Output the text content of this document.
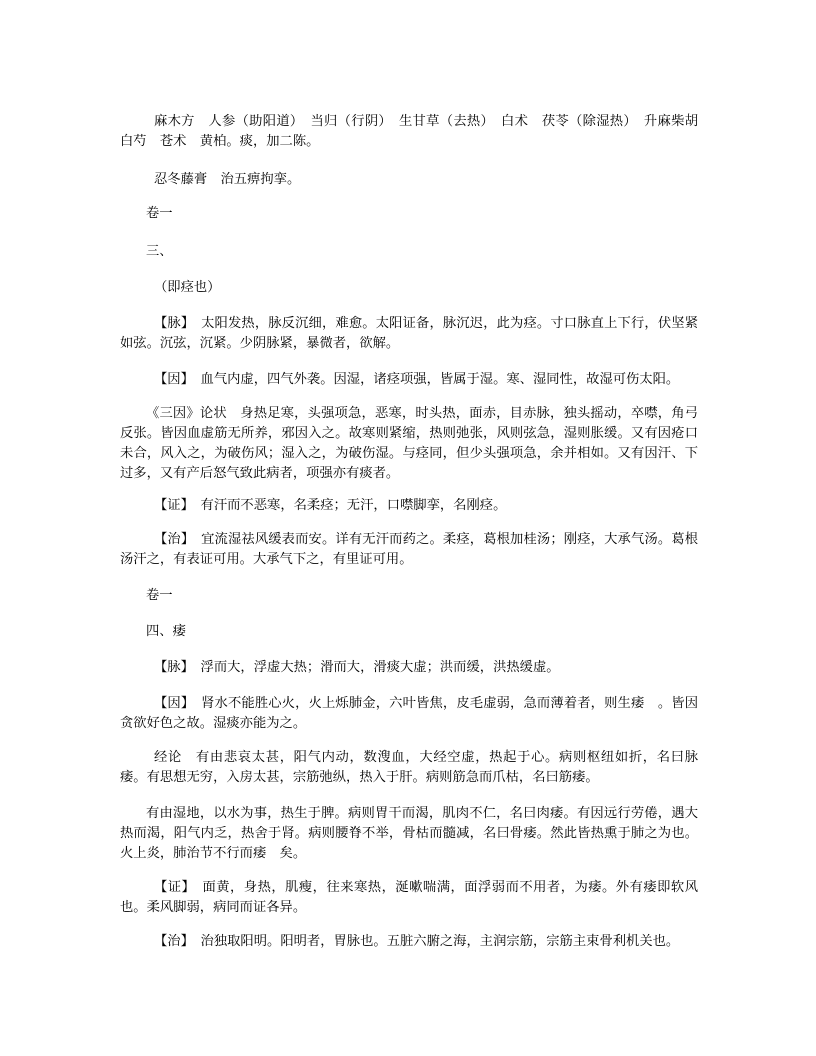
麻木方　人参（助阳道）　当归（行阴）　生甘草（去热）　白术　茯苓（除湿热）　升麻柴胡　白芍　苍术　黄柏。痰，加二陈。

忍冬藤膏　治五痹拘挛。

卷一

三、

（即痉也）

【脉】　太阳发热，脉反沉细，难愈。太阳证备，脉沉迟，此为痉。寸口脉直上下行，伏坚紧如弦。沉弦，沉紧。少阴脉紧，暴微者，欲解。

【因】　血气内虚，四气外袭。因湿，诸痉项强，皆属于湿。寒、湿同性，故湿可伤太阳。

《三因》论状　身热足寒，头强项急，恶寒，时头热，面赤，目赤脉，独头摇动，卒噤，角弓反张。皆因血虚筋无所养，邪因入之。故寒则紧缩，热则弛张，风则弦急，湿则胀缓。又有因疮口未合，风入之，为破伤风；湿入之，为破伤湿。与痉同，但少头强项急，余并相如。又有因汗、下过多，又有产后怒气致此病者，项强亦有痰者。

【证】　有汗而不恶寒，名柔痉；无汗，口噤脚挛，名刚痉。

【治】　宜流湿祛风缓表而安。详有无汗而药之。柔痉，葛根加桂汤；刚痉，大承气汤。葛根汤汗之，有表证可用。大承气下之，有里证可用。

卷一

四、痿

【脉】　浮而大，浮虚大热；滑而大，滑痰大虚；洪而缓，洪热缓虚。

【因】　肾水不能胜心火，火上烁肺金，六叶皆焦，皮毛虚弱，急而薄着者，则生痿　。皆因贪欲好色之故。湿痰亦能为之。

经论　有由悲哀太甚，阳气内动，数溲血，大经空虚，热起于心。病则枢纽如折，名曰脉痿。有思想无穷，入房太甚，宗筋弛纵，热入于肝。病则筋急而爪枯，名曰筋痿。

有由湿地，以水为事，热生于脾。病则胃干而渴，肌肉不仁，名曰肉痿。有因远行劳倦，遇大热而渴，阳气内乏，热舍于肾。病则腰脊不举，骨枯而髓减，名曰骨痿。然此皆热熏于肺之为也。火上炎，肺治节不行而痿　矣。

【证】　面黄，身热，肌瘦，往来寒热，涎嗽喘满，面浮弱而不用者，为痿。外有痿即软风也。柔风脚弱，病同而证各异。

【治】　治独取阳明。阳明者，胃脉也。五脏六腑之海，主润宗筋，宗筋主束骨利机关也。
